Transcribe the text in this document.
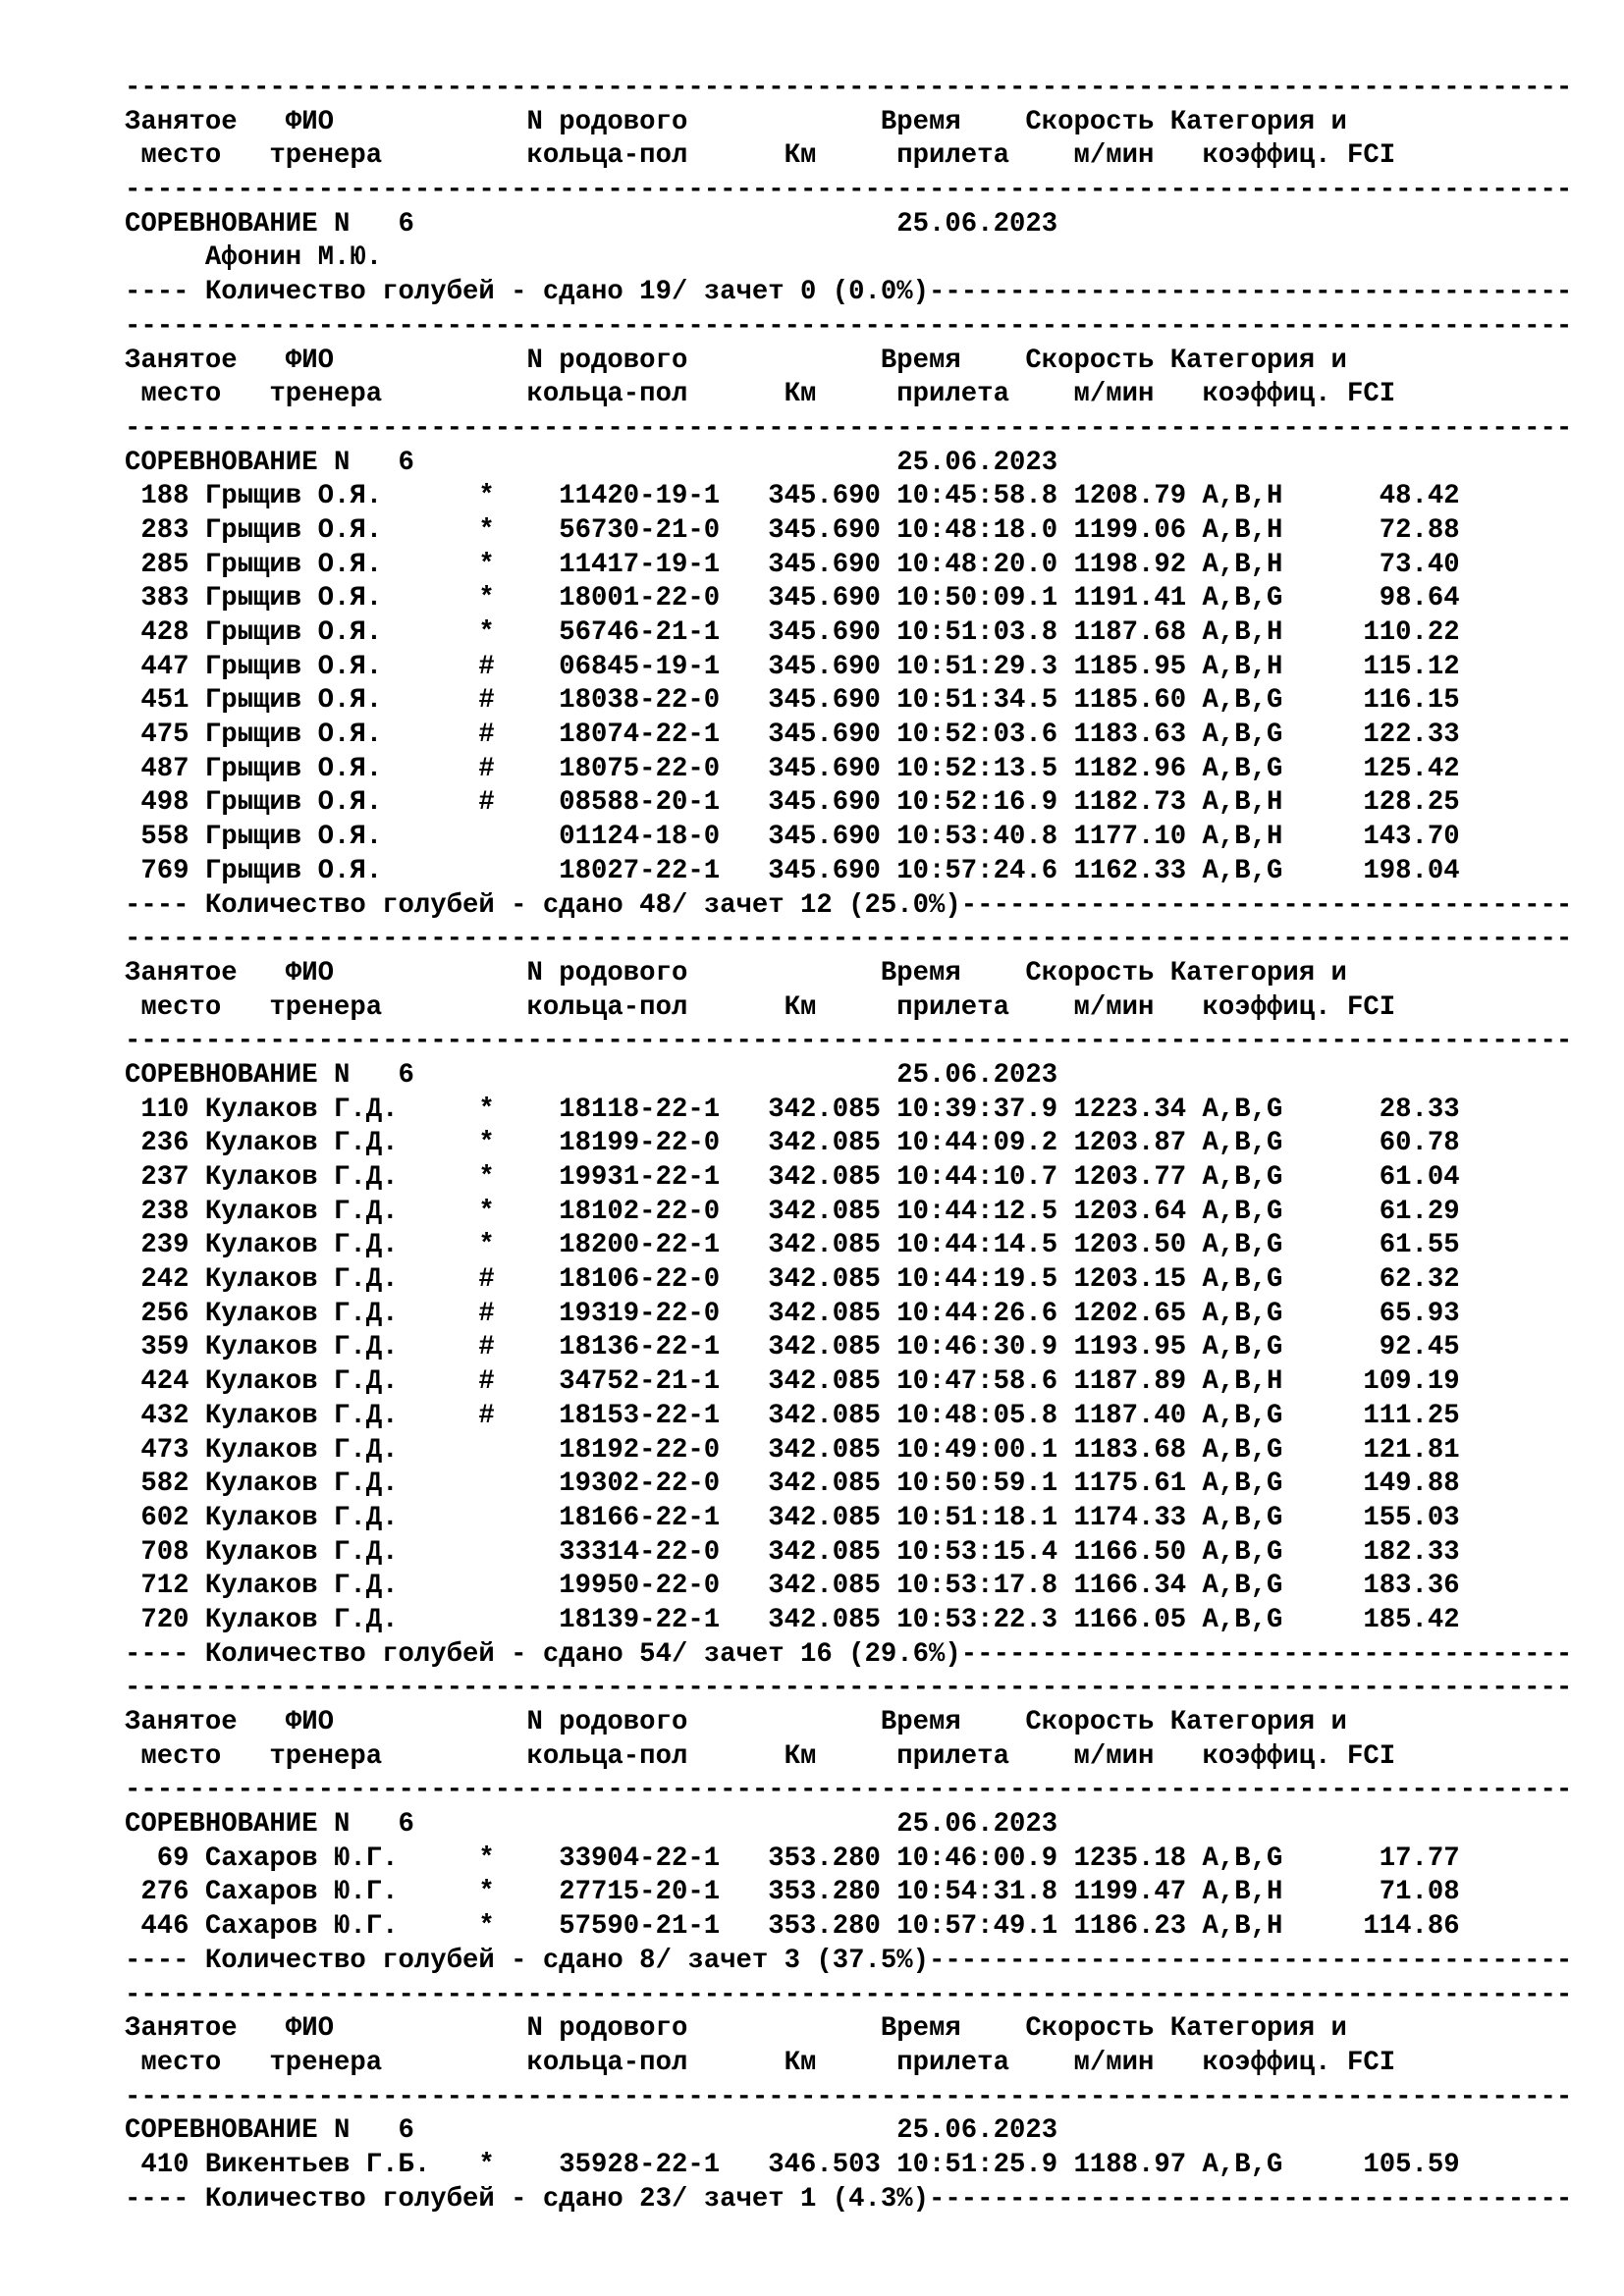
------------------------------------------------------------------------------------------
Занятое   ФИО            N родового            Время    Скорость Категория и
место   тренера         кольца-пол      Км     прилета    м/мин   коэффиц. FCI
------------------------------------------------------------------------------------------
СОРЕВНОВАНИЕ N   6                              25.06.2023
Афонин М.Ю.
---- Количество голубей - сдано 19/ зачет 0 (0.0%)----------------------------------------
------------------------------------------------------------------------------------------
Занятое   ФИО            N родового            Время    Скорость Категория и
место   тренера         кольца-пол      Км     прилета    м/мин   коэффиц. FCI
------------------------------------------------------------------------------------------
СОРЕВНОВАНИЕ N   6                              25.06.2023
188 Грыщив О.Я.      *    11420-19-1   345.690 10:45:58.8 1208.79 A,B,H      48.42
283 Грыщив О.Я.      *    56730-21-0   345.690 10:48:18.0 1199.06 A,B,H      72.88
285 Грыщив О.Я.      *    11417-19-1   345.690 10:48:20.0 1198.92 A,B,H      73.40
383 Грыщив О.Я.      *    18001-22-0   345.690 10:50:09.1 1191.41 A,B,G      98.64
428 Грыщив О.Я.      *    56746-21-1   345.690 10:51:03.8 1187.68 A,B,H     110.22
447 Грыщив О.Я.      #    06845-19-1   345.690 10:51:29.3 1185.95 A,B,H     115.12
451 Грыщив О.Я.      #    18038-22-0   345.690 10:51:34.5 1185.60 A,B,G     116.15
475 Грыщив О.Я.      #    18074-22-1   345.690 10:52:03.6 1183.63 A,B,G     122.33
487 Грыщив О.Я.      #    18075-22-0   345.690 10:52:13.5 1182.96 A,B,G     125.42
498 Грыщив О.Я.      #    08588-20-1   345.690 10:52:16.9 1182.73 A,B,H     128.25
558 Грыщив О.Я.           01124-18-0   345.690 10:53:40.8 1177.10 A,B,H     143.70
769 Грыщив О.Я.           18027-22-1   345.690 10:57:24.6 1162.33 A,B,G     198.04
---- Количество голубей - сдано 48/ зачет 12 (25.0%)--------------------------------------
------------------------------------------------------------------------------------------
Занятое   ФИО            N родового            Время    Скорость Категория и
место   тренера         кольца-пол      Км     прилета    м/мин   коэффиц. FCI
------------------------------------------------------------------------------------------
СОРЕВНОВАНИЕ N   6                              25.06.2023
110 Кулаков Г.Д.     *    18118-22-1   342.085 10:39:37.9 1223.34 A,B,G      28.33
236 Кулаков Г.Д.     *    18199-22-0   342.085 10:44:09.2 1203.87 A,B,G      60.78
237 Кулаков Г.Д.     *    19931-22-1   342.085 10:44:10.7 1203.77 A,B,G      61.04
238 Кулаков Г.Д.     *    18102-22-0   342.085 10:44:12.5 1203.64 A,B,G      61.29
239 Кулаков Г.Д.     *    18200-22-1   342.085 10:44:14.5 1203.50 A,B,G      61.55
242 Кулаков Г.Д.     #    18106-22-0   342.085 10:44:19.5 1203.15 A,B,G      62.32
256 Кулаков Г.Д.     #    19319-22-0   342.085 10:44:26.6 1202.65 A,B,G      65.93
359 Кулаков Г.Д.     #    18136-22-1   342.085 10:46:30.9 1193.95 A,B,G      92.45
424 Кулаков Г.Д.     #    34752-21-1   342.085 10:47:58.6 1187.89 A,B,H     109.19
432 Кулаков Г.Д.     #    18153-22-1   342.085 10:48:05.8 1187.40 A,B,G     111.25
473 Кулаков Г.Д.          18192-22-0   342.085 10:49:00.1 1183.68 A,B,G     121.81
582 Кулаков Г.Д.          19302-22-0   342.085 10:50:59.1 1175.61 A,B,G     149.88
602 Кулаков Г.Д.          18166-22-1   342.085 10:51:18.1 1174.33 A,B,G     155.03
708 Кулаков Г.Д.          33314-22-0   342.085 10:53:15.4 1166.50 A,B,G     182.33
712 Кулаков Г.Д.          19950-22-0   342.085 10:53:17.8 1166.34 A,B,G     183.36
720 Кулаков Г.Д.          18139-22-1   342.085 10:53:22.3 1166.05 A,B,G     185.42
---- Количество голубей - сдано 54/ зачет 16 (29.6%)--------------------------------------
------------------------------------------------------------------------------------------
Занятое   ФИО            N родового            Время    Скорость Категория и
место   тренера         кольца-пол      Км     прилета    м/мин   коэффиц. FCI
------------------------------------------------------------------------------------------
СОРЕВНОВАНИЕ N   6                              25.06.2023
69 Сахаров Ю.Г.     *    33904-22-1   353.280 10:46:00.9 1235.18 A,B,G      17.77
276 Сахаров Ю.Г.     *    27715-20-1   353.280 10:54:31.8 1199.47 A,B,H      71.08
446 Сахаров Ю.Г.     *    57590-21-1   353.280 10:57:49.1 1186.23 A,B,H     114.86
---- Количество голубей - сдано 8/ зачет 3 (37.5%)----------------------------------------
------------------------------------------------------------------------------------------
Занятое   ФИО            N родового            Время    Скорость Категория и
место   тренера         кольца-пол      Км     прилета    м/мин   коэффиц. FCI
------------------------------------------------------------------------------------------
СОРЕВНОВАНИЕ N   6                              25.06.2023
410 Викентьев Г.Б.   *    35928-22-1   346.503 10:51:25.9 1188.97 A,B,G     105.59
---- Количество голубей - сдано 23/ зачет 1 (4.3%)----------------------------------------
